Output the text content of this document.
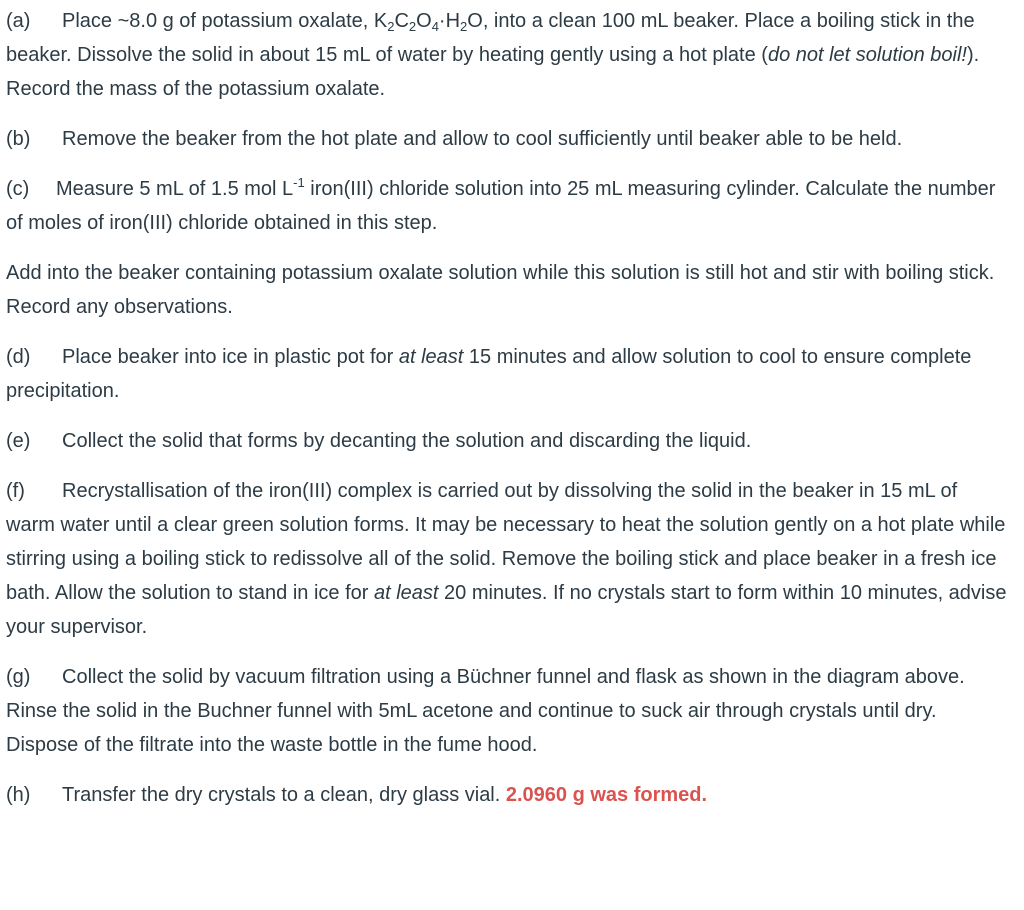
(a) Place ~8.0 g of potassium oxalate, $K_2C_2O_4\cdot H_2O$, into a clean 100 mL beaker. Place a boiling stick in the beaker. Dissolve the solid in about 15 mL of water by heating gently using a hot plate (do not let solution boil!). Record the mass of the potassium oxalate.

(b) Remove the beaker from the hot plate and allow to cool sufficiently until beaker able to be held.

(c) Measure 5 mL of 1.5 mol $L^{-1}$ iron(III) chloride solution into 25 mL measuring cylinder. Calculate the number of moles of iron(III) chloride obtained in this step.

Add into the beaker containing potassium oxalate solution while this solution is still hot and stir with boiling stick. Record any observations.

(d) Place beaker into ice in plastic pot for at least 15 minutes and allow solution to cool to ensure complete precipitation.

(e) Collect the solid that forms by decanting the solution and discarding the liquid.

(f) Recrystallisation of the iron(III) complex is carried out by dissolving the solid in the beaker in 15 mL of warm water until a clear green solution forms. It may be necessary to heat the solution gently on a hot plate while stirring using a boiling stick to redissolve all of the solid. Remove the boiling stick and place beaker in a fresh ice bath. Allow the solution to stand in ice for at least 20 minutes. If no crystals start to form within 10 minutes, advise your supervisor.

(g) Collect the solid by vacuum filtration using a Büchner funnel and flask as shown in the diagram above. Rinse the solid in the Buchner funnel with 5mL acetone and continue to suck air through crystals until dry. Dispose of the filtrate into the waste bottle in the fume hood.

(h) Transfer the dry crystals to a clean, dry glass vial. 2.0960 g was formed.
